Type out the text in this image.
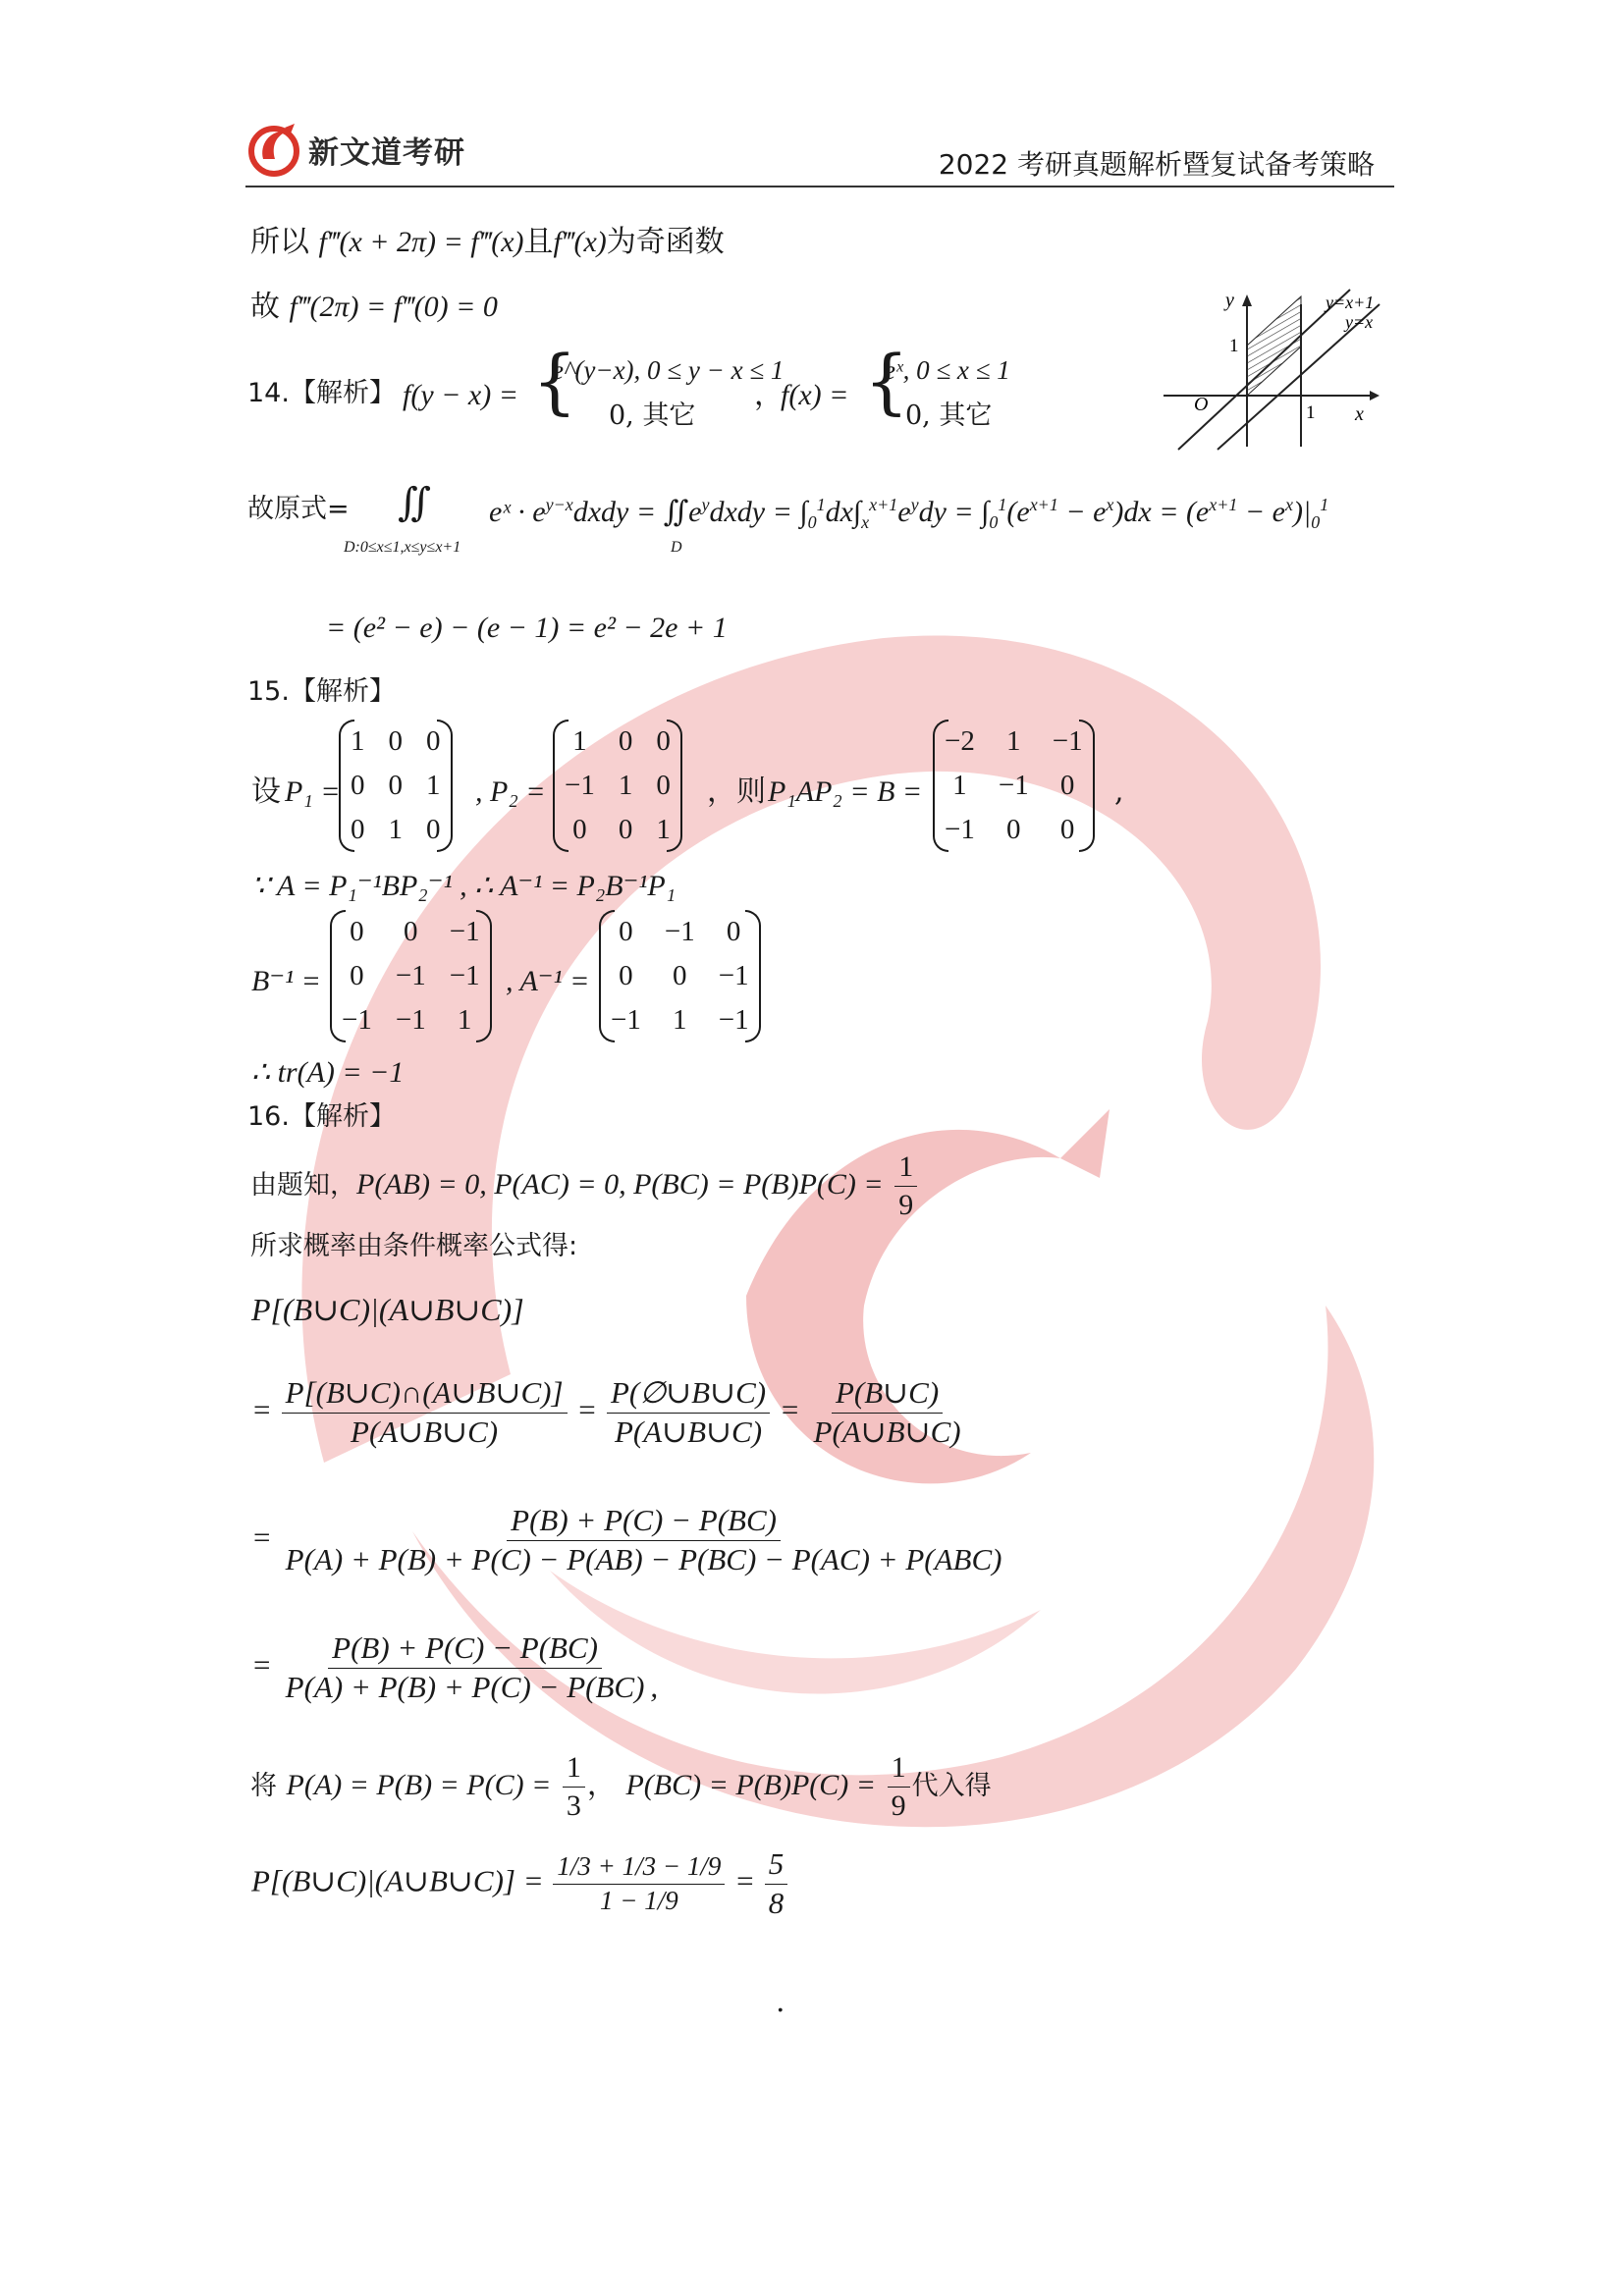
新文道考研	2022 考研真题解析暨复试备考策略
所以 f‴(x + 2π) = f‴(x)且f‴(x)为奇函数
故 f‴(2π) = f‴(0) = 0
14.【解析】 f(y − x) = {
e^(y−x), 0 ≤ y − x ≤ 1
0, 其它
，
f(x) = {
eˣ, 0 ≤ x ≤ 1
0, 其它
y
x
O	1
1
y=x+1
y=x
故原式= ∬
D:0≤x≤1,x≤y≤x+1
eˣ · $e^{y-x}dxdy$ = $∬e^ydxdy = \int_0^1dx\int_x^{x+1}e^ydy = \int_0^1(e^{x+1} - e^x)dx = (e^{x+1} - e^x)|_0^1$
D
= (e² − e) − (e − 1) = e² − 2e + 1
15.【解析】
设 P₁ =
1	0	0
0	0	1
0	1	0
, P₂ =
1	0	0
−1	1	0
0	0	1
，则 P₁AP₂ = B =
−2	1	−1
1	−1	0
−1	0	0
,
∵ A = P₁⁻¹BP₂⁻¹ , ∴ A⁻¹ = P₂B⁻¹P₁
B⁻¹ =
0	0	−1
0	−1	−1
−1	−1	1
, A⁻¹ =
0	−1	0
0	0	−1
−1	1	−1
∴ tr(A) = −1
16.【解析】
由题知，P(AB) = 0, P(AC) = 0, $P(BC) = P(B)P(C) = \frac{1}{9}$
所求概率由条件概率公式得:
P[(B∪C)|(A∪B∪C)]
= $\frac{P[(B\cup C)\cap(A\cup B\cup C)]}{P(A\cup B\cup C)} = \frac{P(\emptyset\cup B\cup C)}{P(A\cup B\cup C)} = \frac{P(B\cup C)}{P(A\cup B\cup C)}$
= $\frac{P(B) + P(C) - P(BC)}{\text{P(A) + P(B) + P(C) − P(AB) − P(BC) − P(AC) + P(ABC)}}$
= $\frac{P(B) + P(C) - P(BC)}{P(A) + P(B) + P(C) - P(BC)}$ ,
将 $P(A) = P(B) = P(C) = \frac{1}{3}$ ， $P(BC) = P(B)P(C) = \frac{1}{9}$ 代入得
P[(B∪C)|(A∪B∪C)] = $\frac{1/3 + 1/3 - 1/9}{1 - 1/9} = \frac{5}{8}$
.
